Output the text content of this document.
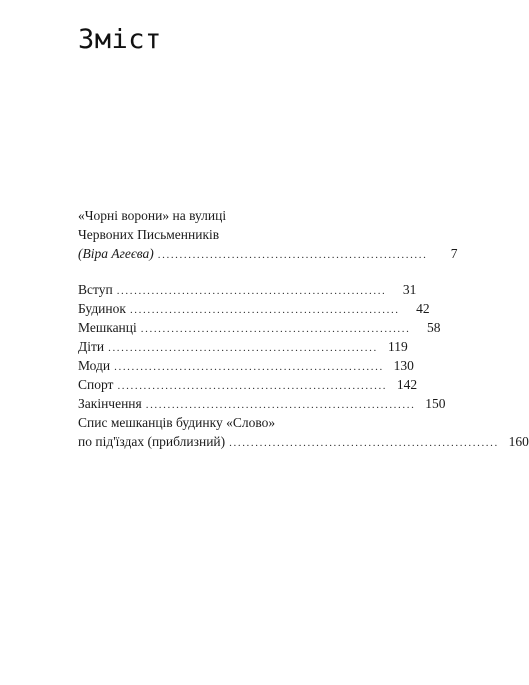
Зміст
«Чорні ворони» на вулиці
Червоних Письменників
(Віра Агеєва) ..............................................................	7
Вступ ..............................................................	31
Будинок ..............................................................	42
Мешканці ..............................................................	58
Діти .............................................................. 119
Моди .............................................................. 130
Спорт .............................................................. 142
Закінчення .............................................................. 150
Спис мешканців будинку «Слово»
по під'їздах (приблизний) .............................................................. 160
